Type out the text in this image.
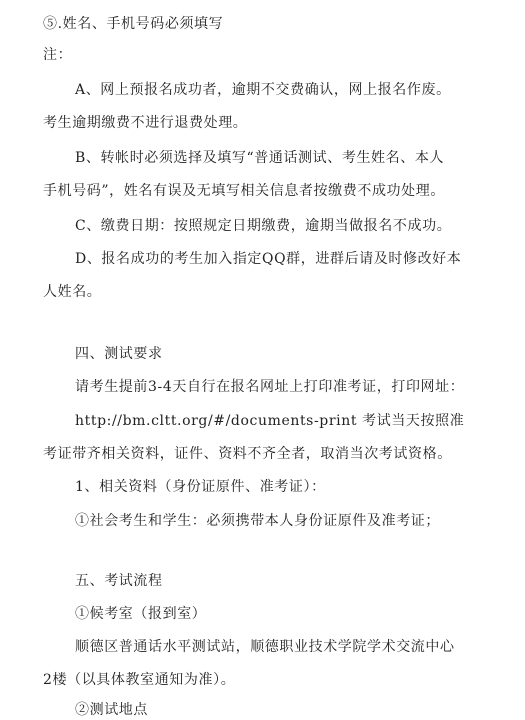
⑤.姓名、手机号码必须填写
注：
A、网上预报名成功者，逾期不交费确认，网上报名作废。
考生逾期缴费不进行退费处理。
B、转帐时必须选择及填写“普通话测试、考生姓名、本人
手机号码”，姓名有误及无填写相关信息者按缴费不成功处理。
C、缴费日期：按照规定日期缴费，逾期当做报名不成功。
D、报名成功的考生加入指定QQ群，进群后请及时修改好本
人姓名。
四、测试要求
请考生提前3-4天自行在报名网址上打印准考证，打印网址：
http://bm.cltt.org/#/documents-print 考试当天按照准
考证带齐相关资料，证件、资料不齐全者，取消当次考试资格。
1、相关资料（身份证原件、准考证）：
①社会考生和学生：必须携带本人身份证原件及准考证；
五、考试流程
①候考室（报到室）
顺德区普通话水平测试站，顺德职业技术学院学术交流中心
2楼（以具体教室通知为准）。
②测试地点
